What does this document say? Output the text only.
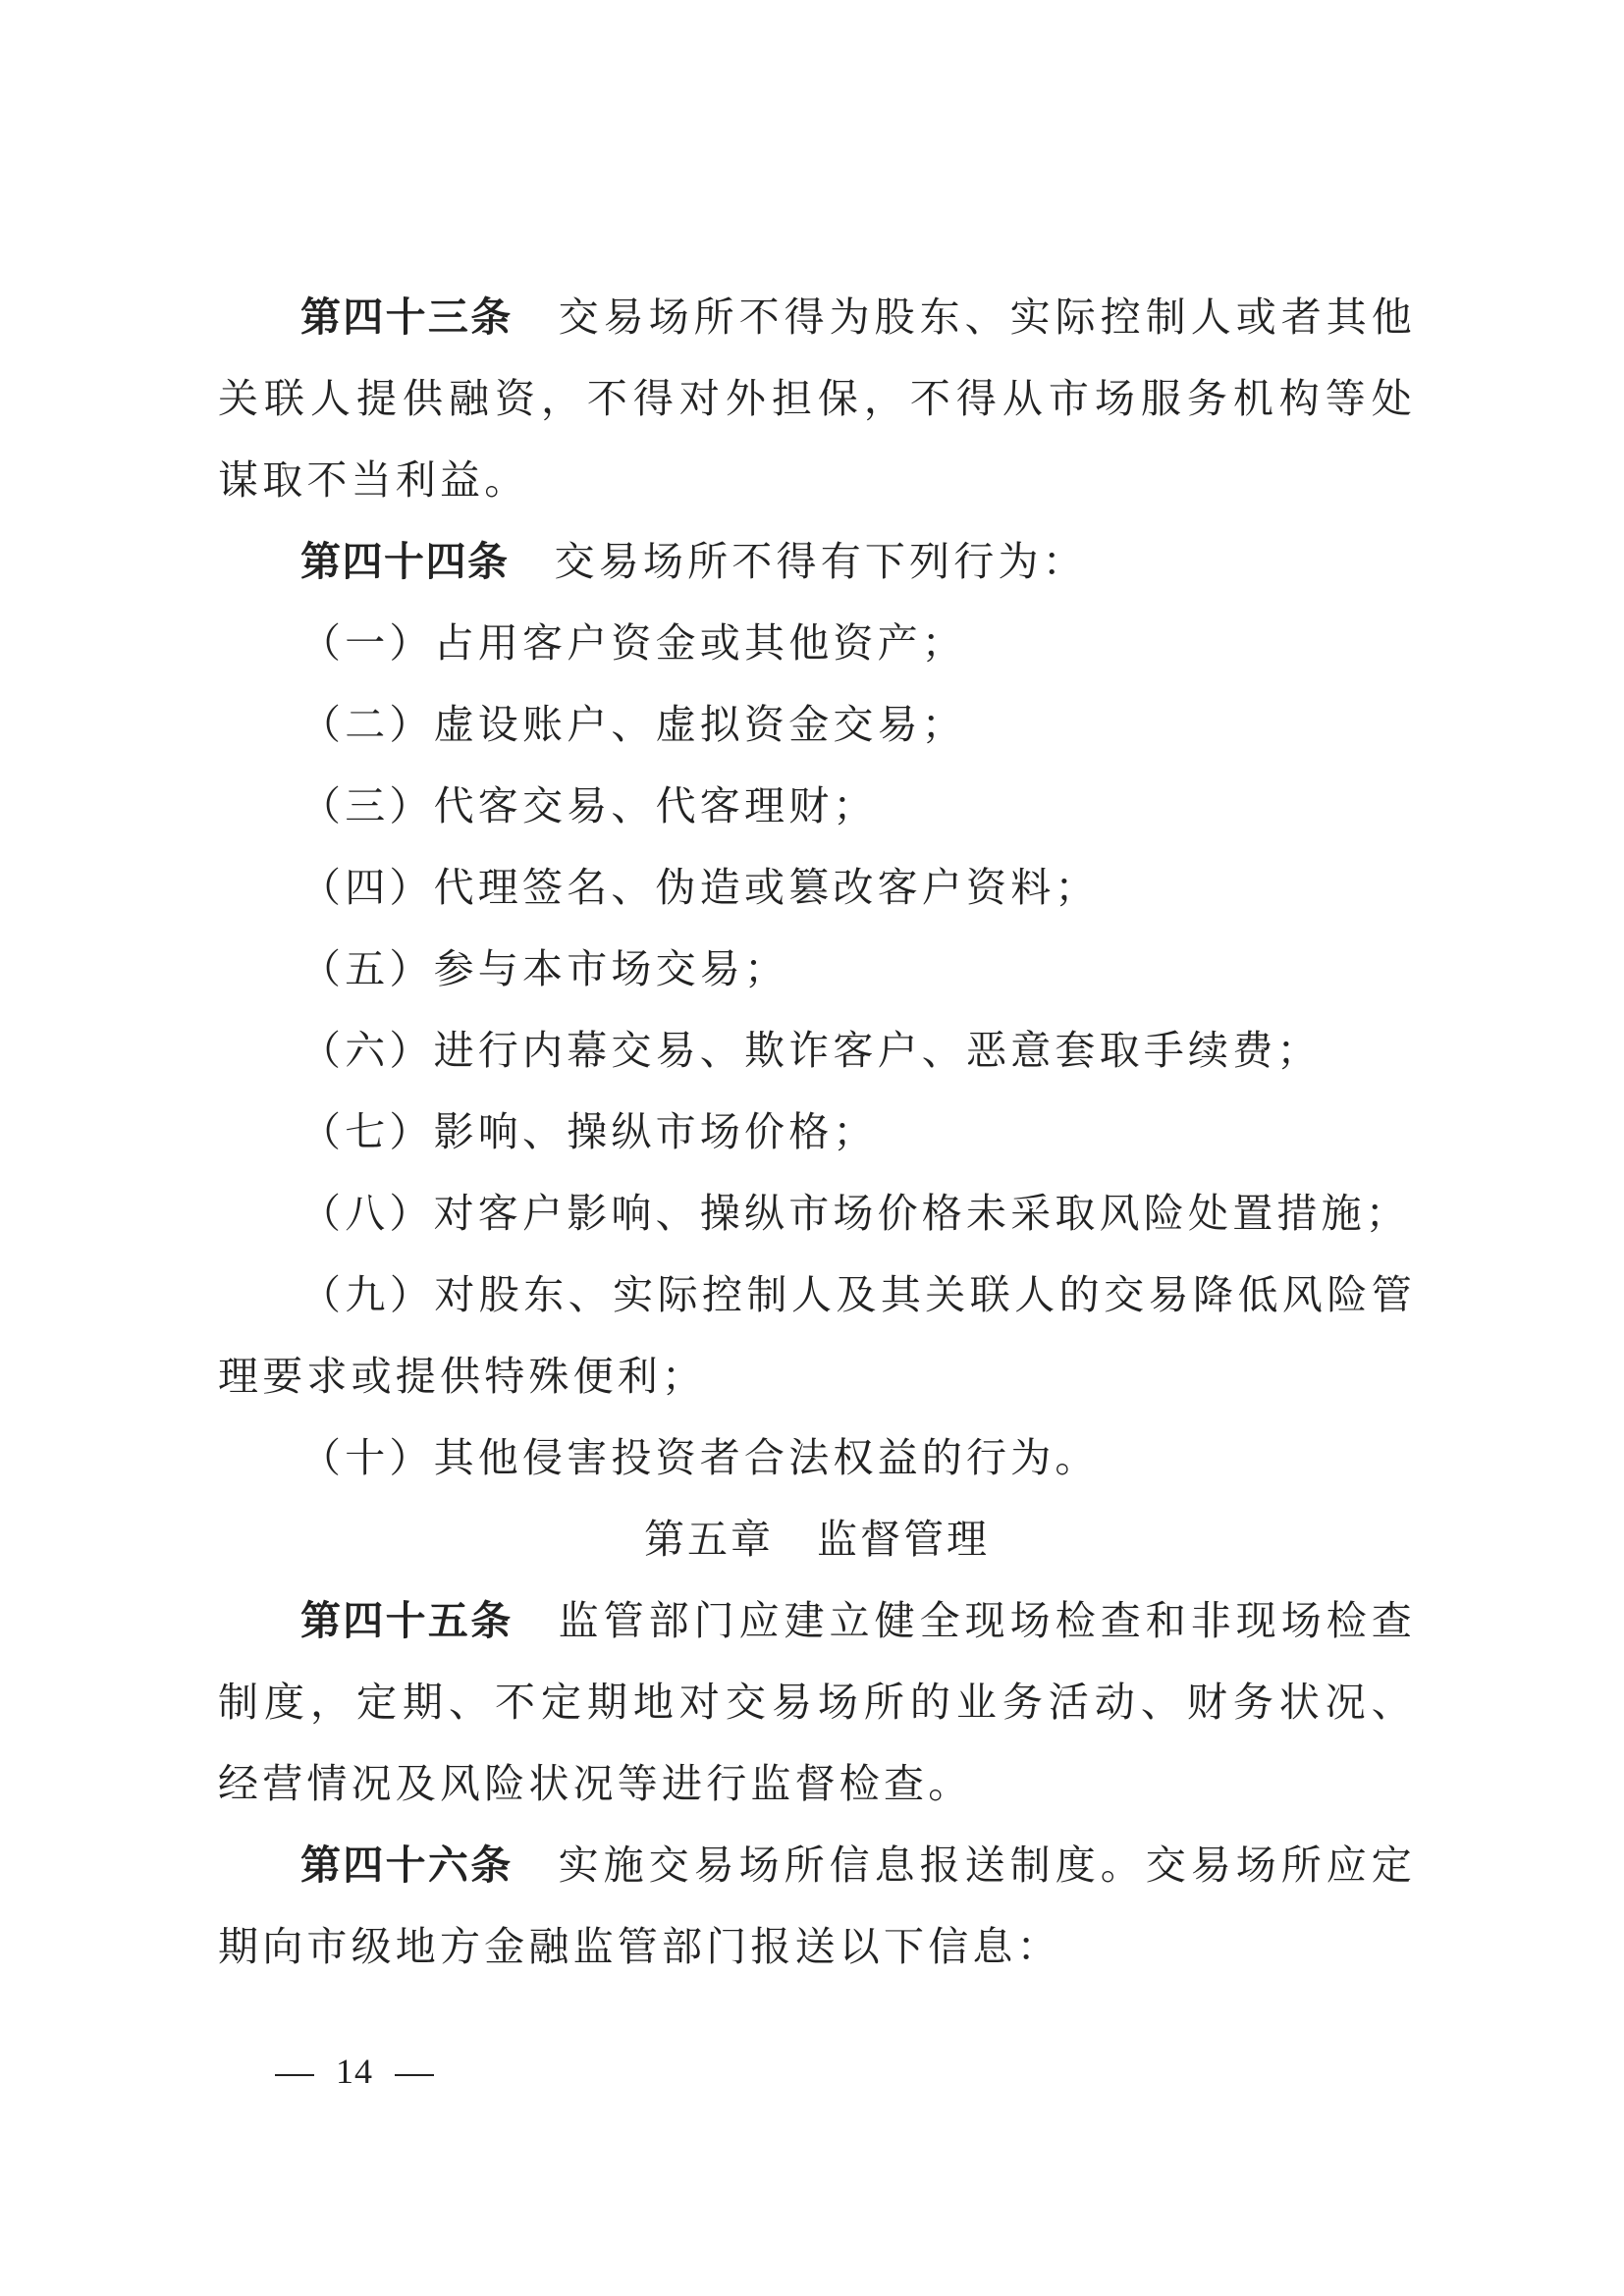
第四十三条 交易场所不得为股东、实际控制人或者其他关联人提供融资，不得对外担保，不得从市场服务机构等处谋取不当利益。

第四十四条 交易场所不得有下列行为：

（一）占用客户资金或其他资产；

（二）虚设账户、虚拟资金交易；

（三）代客交易、代客理财；

（四）代理签名、伪造或篡改客户资料；

（五）参与本市场交易；

（六）进行内幕交易、欺诈客户、恶意套取手续费；

（七）影响、操纵市场价格；

（八）对客户影响、操纵市场价格未采取风险处置措施；

（九）对股东、实际控制人及其关联人的交易降低风险管理要求或提供特殊便利；

（十）其他侵害投资者合法权益的行为。

第五章 监督管理

第四十五条 监管部门应建立健全现场检查和非现场检查制度，定期、不定期地对交易场所的业务活动、财务状况、经营情况及风险状况等进行监督检查。

第四十六条 实施交易场所信息报送制度。交易场所应定期向市级地方金融监管部门报送以下信息：

14
